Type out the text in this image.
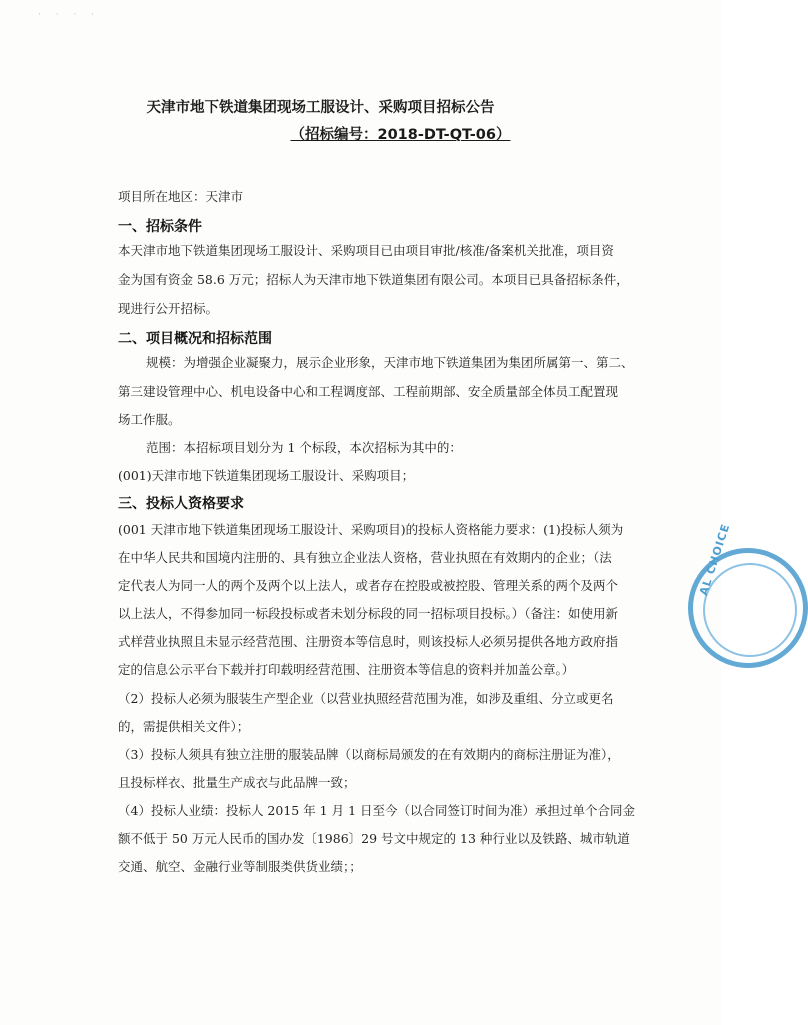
· · · ·
天津市地下铁道集团现场工服设计、采购项目招标公告
（招标编号：2018-DT-QT-06）
项目所在地区：天津市
一、招标条件
本天津市地下铁道集团现场工服设计、采购项目已由项目审批/核准/备案机关批准，项目资
金为国有资金 58.6 万元；招标人为天津市地下铁道集团有限公司。本项目已具备招标条件，
现进行公开招标。
二、项目概况和招标范围
规模：为增强企业凝聚力，展示企业形象，天津市地下铁道集团为集团所属第一、第二、
第三建设管理中心、机电设备中心和工程调度部、工程前期部、安全质量部全体员工配置现
场工作服。
范围：本招标项目划分为 1 个标段，本次招标为其中的：
(001)天津市地下铁道集团现场工服设计、采购项目；
三、投标人资格要求
(001 天津市地下铁道集团现场工服设计、采购项目)的投标人资格能力要求：(1)投标人须为
在中华人民共和国境内注册的、具有独立企业法人资格，营业执照在有效期内的企业；（法
定代表人为同一人的两个及两个以上法人，或者存在控股或被控股、管理关系的两个及两个
以上法人，不得参加同一标段投标或者未划分标段的同一招标项目投标。）（备注：如使用新
式样营业执照且未显示经营范围、注册资本等信息时，则该投标人必须另提供各地方政府指
定的信息公示平台下载并打印载明经营范围、注册资本等信息的资料并加盖公章。）
（2）投标人必须为服装生产型企业（以营业执照经营范围为准，如涉及重组、分立或更名
的，需提供相关文件）；
（3）投标人须具有独立注册的服装品牌（以商标局颁发的在有效期内的商标注册证为准），
且投标样衣、批量生产成衣与此品牌一致；
（4）投标人业绩：投标人 2015 年 1 月 1 日至今（以合同签订时间为准）承担过单个合同金
额不低于 50 万元人民币的国办发〔1986〕29 号文中规定的 13 种行业以及铁路、城市轨道
交通、航空、金融行业等制服类供货业绩；；
AL CHOICE
